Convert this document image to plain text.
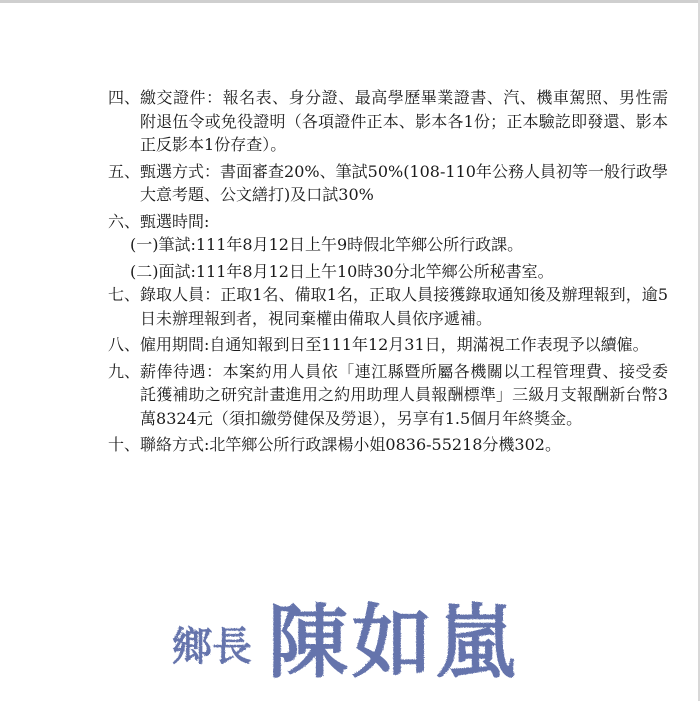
四、 繳交證件：報名表、身分證、最高學歷畢業證書、汽、機車駕照、男性需附退伍令或免役證明（各項證件正本、影本各1份；正本驗訖即發還、影本正反影本1份存查）。
五、 甄選方式：書面審查20%、筆試50%(108-110年公務人員初等一般行政學大意考題、公文繕打)及口試30%
六、 甄選時間:
(一)筆試:111年8月12日上午9時假北竿鄉公所行政課。
(二)面試:111年8月12日上午10時30分北竿鄉公所秘書室。
七、 錄取人員：正取1名、備取1名，正取人員接獲錄取通知後及辦理報到，逾5日未辦理報到者，視同棄權由備取人員依序遞補。
八、 僱用期間:自通知報到日至111年12月31日，期滿視工作表現予以續僱。
九、 薪俸待遇：本案約用人員依「連江縣暨所屬各機關以工程管理費、接受委託獲補助之研究計畫進用之約用助理人員報酬標準」三級月支報酬新台幣3萬8324元（須扣繳勞健保及勞退），另享有1.5個月年終獎金。
十、 聯絡方式:北竿鄉公所行政課楊小姐0836-55218分機302。
鄉長 陳如嵐
